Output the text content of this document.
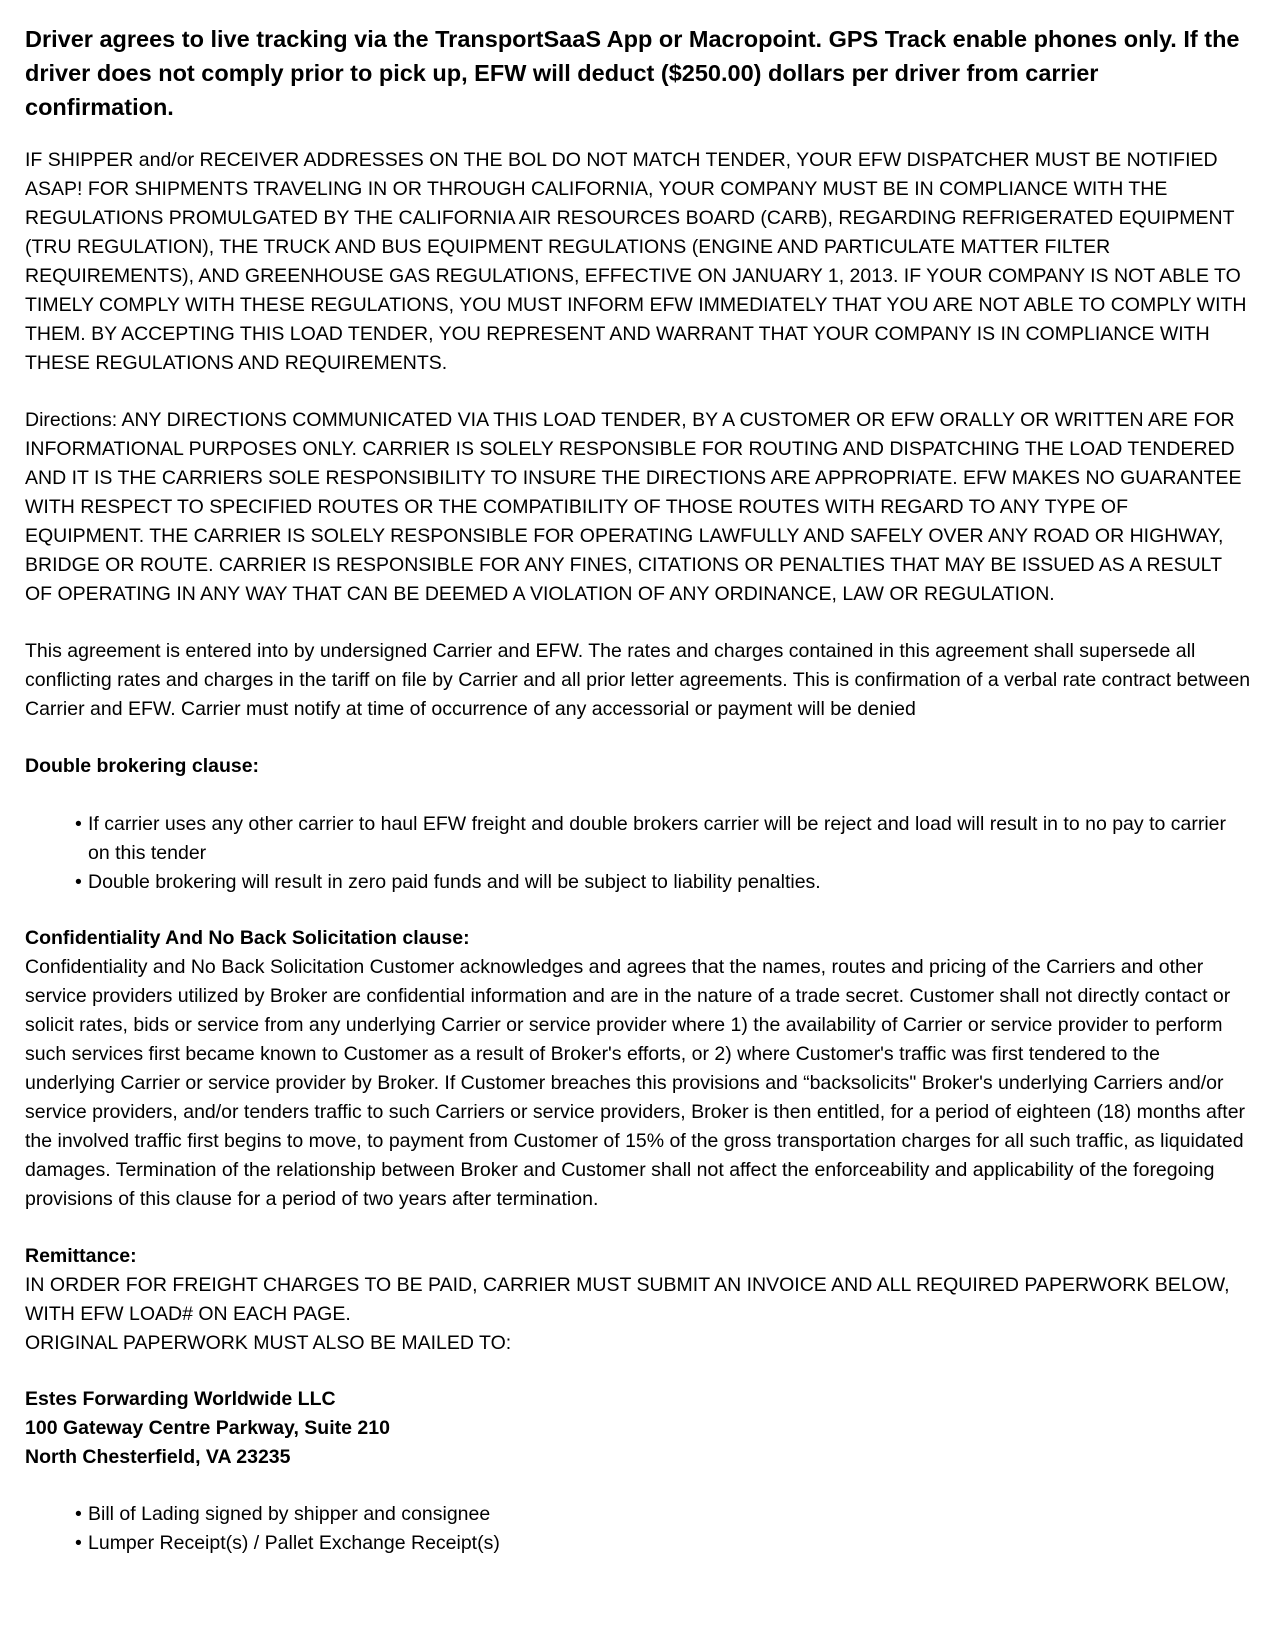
Driver agrees to live tracking via the TransportSaaS App or Macropoint. GPS Track enable phones only. If the driver does not comply prior to pick up, EFW will deduct ($250.00) dollars per driver from carrier confirmation.

IF SHIPPER and/or RECEIVER ADDRESSES ON THE BOL DO NOT MATCH TENDER, YOUR EFW DISPATCHER MUST BE NOTIFIED ASAP! FOR SHIPMENTS TRAVELING IN OR THROUGH CALIFORNIA, YOUR COMPANY MUST BE IN COMPLIANCE WITH THE REGULATIONS PROMULGATED BY THE CALIFORNIA AIR RESOURCES BOARD (CARB), REGARDING REFRIGERATED EQUIPMENT (TRU REGULATION), THE TRUCK AND BUS EQUIPMENT REGULATIONS (ENGINE AND PARTICULATE MATTER FILTER REQUIREMENTS), AND GREENHOUSE GAS REGULATIONS, EFFECTIVE ON JANUARY 1, 2013. IF YOUR COMPANY IS NOT ABLE TO TIMELY COMPLY WITH THESE REGULATIONS, YOU MUST INFORM EFW IMMEDIATELY THAT YOU ARE NOT ABLE TO COMPLY WITH THEM. BY ACCEPTING THIS LOAD TENDER, YOU REPRESENT AND WARRANT THAT YOUR COMPANY IS IN COMPLIANCE WITH THESE REGULATIONS AND REQUIREMENTS.

Directions: ANY DIRECTIONS COMMUNICATED VIA THIS LOAD TENDER, BY A CUSTOMER OR EFW ORALLY OR WRITTEN ARE FOR INFORMATIONAL PURPOSES ONLY. CARRIER IS SOLELY RESPONSIBLE FOR ROUTING AND DISPATCHING THE LOAD TENDERED AND IT IS THE CARRIERS SOLE RESPONSIBILITY TO INSURE THE DIRECTIONS ARE APPROPRIATE. EFW MAKES NO GUARANTEE WITH RESPECT TO SPECIFIED ROUTES OR THE COMPATIBILITY OF THOSE ROUTES WITH REGARD TO ANY TYPE OF EQUIPMENT. THE CARRIER IS SOLELY RESPONSIBLE FOR OPERATING LAWFULLY AND SAFELY OVER ANY ROAD OR HIGHWAY, BRIDGE OR ROUTE. CARRIER IS RESPONSIBLE FOR ANY FINES, CITATIONS OR PENALTIES THAT MAY BE ISSUED AS A RESULT OF OPERATING IN ANY WAY THAT CAN BE DEEMED A VIOLATION OF ANY ORDINANCE, LAW OR REGULATION.

This agreement is entered into by undersigned Carrier and EFW. The rates and charges contained in this agreement shall supersede all conflicting rates and charges in the tariff on file by Carrier and all prior letter agreements. This is confirmation of a verbal rate contract between Carrier and EFW. Carrier must notify at time of occurrence of any accessorial or payment will be denied

Double brokering clause:

• If carrier uses any other carrier to haul EFW freight and double brokers carrier will be reject and load will result in to no pay to carrier on this tender
• Double brokering will result in zero paid funds and will be subject to liability penalties.

Confidentiality And No Back Solicitation clause:

Confidentiality and No Back Solicitation Customer acknowledges and agrees that the names, routes and pricing of the Carriers and other service providers utilized by Broker are confidential information and are in the nature of a trade secret. Customer shall not directly contact or solicit rates, bids or service from any underlying Carrier or service provider where 1) the availability of Carrier or service provider to perform such services first became known to Customer as a result of Broker's efforts, or 2) where Customer's traffic was first tendered to the underlying Carrier or service provider by Broker. If Customer breaches this provisions and “backsolicits" Broker's underlying Carriers and/or service providers, and/or tenders traffic to such Carriers or service providers, Broker is then entitled, for a period of eighteen (18) months after the involved traffic first begins to move, to payment from Customer of 15% of the gross transportation charges for all such traffic, as liquidated damages. Termination of the relationship between Broker and Customer shall not affect the enforceability and applicability of the foregoing provisions of this clause for a period of two years after termination.

Remittance:

IN ORDER FOR FREIGHT CHARGES TO BE PAID, CARRIER MUST SUBMIT AN INVOICE AND ALL REQUIRED PAPERWORK BELOW, WITH EFW LOAD# ON EACH PAGE.

ORIGINAL PAPERWORK MUST ALSO BE MAILED TO:

Estes Forwarding Worldwide LLC

100 Gateway Centre Parkway, Suite 210

North Chesterfield, VA 23235

• Bill of Lading signed by shipper and consignee
• Lumper Receipt(s) / Pallet Exchange Receipt(s)
